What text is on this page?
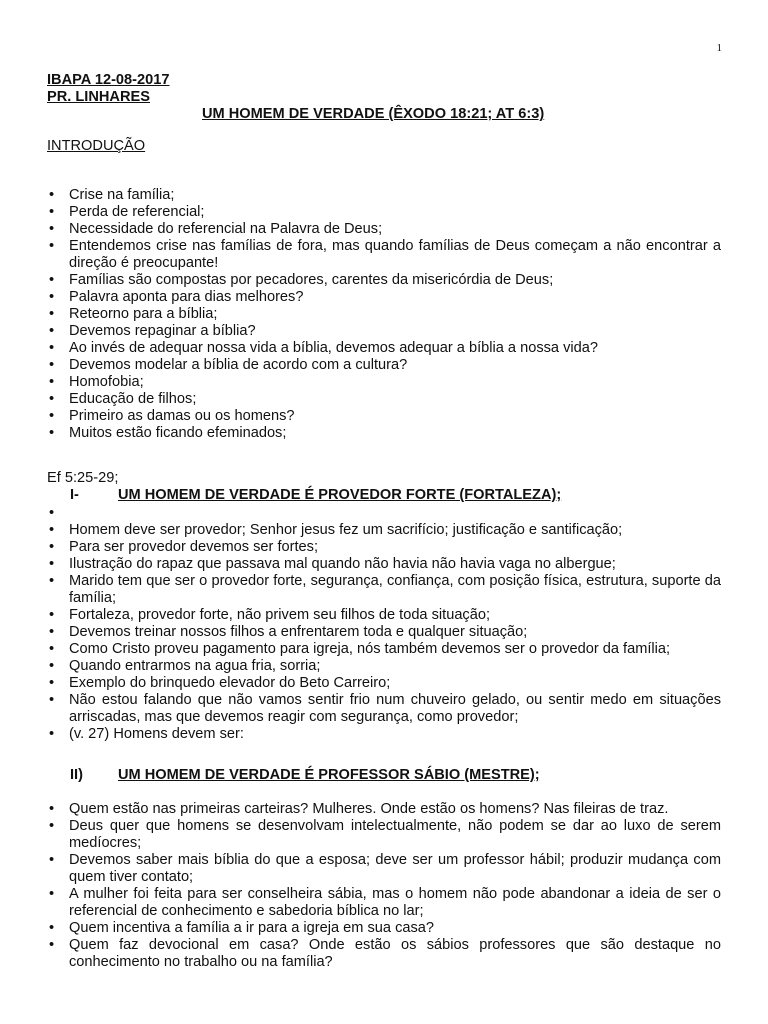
1
IBAPA 12-08-2017
PR. LINHARES
UM HOMEM DE VERDADE (ÊXODO 18:21; AT 6:3)
INTRODUÇÃO
• Crise na família;
• Perda de referencial;
• Necessidade do referencial na Palavra de Deus;
• Entendemos crise nas famílias de fora, mas quando famílias de Deus começam a não encontrar a direção é preocupante!
• Famílias são compostas por pecadores, carentes da misericórdia de Deus;
• Palavra aponta para dias melhores?
• Reteorno para a bíblia;
• Devemos repaginar a bíblia?
• Ao invés de adequar nossa vida a bíblia, devemos adequar a bíblia a nossa vida?
• Devemos modelar a bíblia de acordo com a cultura?
• Homofobia;
• Educação de filhos;
• Primeiro as damas ou os homens?
• Muitos estão ficando efeminados;
Ef 5:25-29;
I-	UM HOMEM DE VERDADE É PROVEDOR FORTE (FORTALEZA);
•
• Homem deve ser provedor; Senhor jesus fez um sacrifício; justificação e santificação;
• Para ser provedor devemos ser fortes;
• Ilustração do rapaz que passava mal quando não havia não havia vaga no albergue;
• Marido tem que ser o provedor forte, segurança, confiança, com posição física, estrutura, suporte da família;
• Fortaleza, provedor forte, não privem seu filhos de toda situação;
• Devemos treinar nossos filhos a enfrentarem toda e qualquer situação;
• Como Cristo proveu pagamento para igreja, nós também devemos ser o provedor da família;
• Quando entrarmos na agua fria, sorria;
• Exemplo do brinquedo elevador do Beto Carreiro;
• Não estou falando que não vamos sentir frio num chuveiro gelado, ou sentir medo em situações arriscadas, mas que devemos reagir com segurança, como provedor;
• (v. 27) Homens devem ser:
II) UM HOMEM DE VERDADE É PROFESSOR SÁBIO (MESTRE);
• Quem estão nas primeiras carteiras? Mulheres. Onde estão os homens? Nas fileiras de traz.
• Deus quer que homens se desenvolvam intelectualmente, não podem se dar ao luxo de serem medíocres;
• Devemos saber mais bíblia do que a esposa; deve ser um professor hábil; produzir mudança com quem tiver contato;
• A mulher foi feita para ser conselheira sábia, mas o homem não pode abandonar a ideia de ser o referencial de conhecimento e sabedoria bíblica no lar;
• Quem incentiva a família a ir para a igreja em sua casa?
• Quem faz devocional em casa? Onde estão os sábios professores que são destaque no conhecimento no trabalho ou na família?
